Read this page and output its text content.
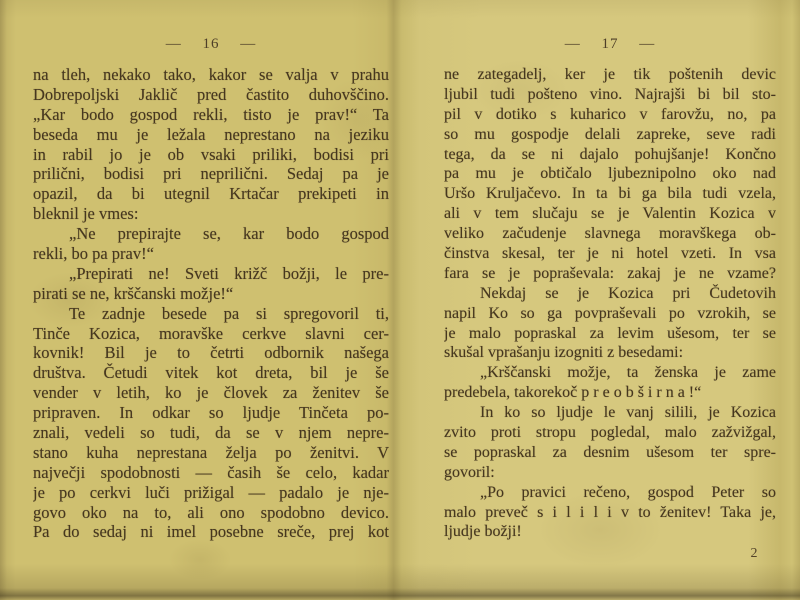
— 16 —
na tleh, nekako tako, kakor se valja v prahu
Dobrepoljski Jaklič pred častito duhovščino.
„Kar bodo gospod rekli, tisto je prav!“ Ta
beseda mu je ležala neprestano na jeziku
in rabil jo je ob vsaki priliki, bodisi pri
prilični, bodisi pri neprilični. Sedaj pa je
opazil, da bi utegnil Krtačar prekipeti in
bleknil je vmes:
„Ne prepirajte se, kar bodo gospod
rekli, bo pa prav!“
„Prepirati ne! Sveti križč božji, le pre-
pirati se ne, krščanski možje!“
Te zadnje besede pa si spregovoril ti,
Tinče Kozica, moravške cerkve slavni cer-
kovnik! Bil je to četrti odbornik našega
društva. Četudi vitek kot dreta, bil je še
vender v letih, ko je človek za ženitev še
pripraven. In odkar so ljudje Tinčeta po-
znali, vedeli so tudi, da se v njem nepre-
stano kuha neprestana želja po ženitvi. V
največji spodobnosti — časih še celo, kadar
je po cerkvi luči prižigal — padalo je nje-
govo oko na to, ali ono spodobno devico.
Pa do sedaj ni imel posebne sreče, prej kot
— 17 —
ne zategadelj, ker je tik poštenih devic
ljubil tudi pošteno vino. Najrajši bi bil sto-
pil v dotiko s kuharico v farovžu, no, pa
so mu gospodje delali zapreke, seve radi
tega, da se ni dajalo pohujšanje! Končno
pa mu je obtičalo ljubeznipolno oko nad
Uršo Kruljačevo. In ta bi ga bila tudi vzela,
ali v tem slučaju se je Valentin Kozica v
veliko začudenje slavnega moravškega ob-
činstva skesal, ter je ni hotel vzeti. In vsa
fara se je popraševala: zakaj je ne vzame?
Nekdaj se je Kozica pri Čudetovih
napil Ko so ga povpraševali po vzrokih, se
je malo popraskal za levim ušesom, ter se
skušal vprašanju izogniti z besedami:
„Krščanski možje, ta ženska je zame
predebela, takorekoč p r e o b š i r n a !“
In ko so ljudje le vanj silili, je Kozica
zvito proti stropu pogledal, malo zažvižgal,
se popraskal za desnim ušesom ter spre-
govoril:
„Po pravici rečeno, gospod Peter so
malo preveč s i l i l i v to ženitev! Taka je,
ljudje božji!
2
